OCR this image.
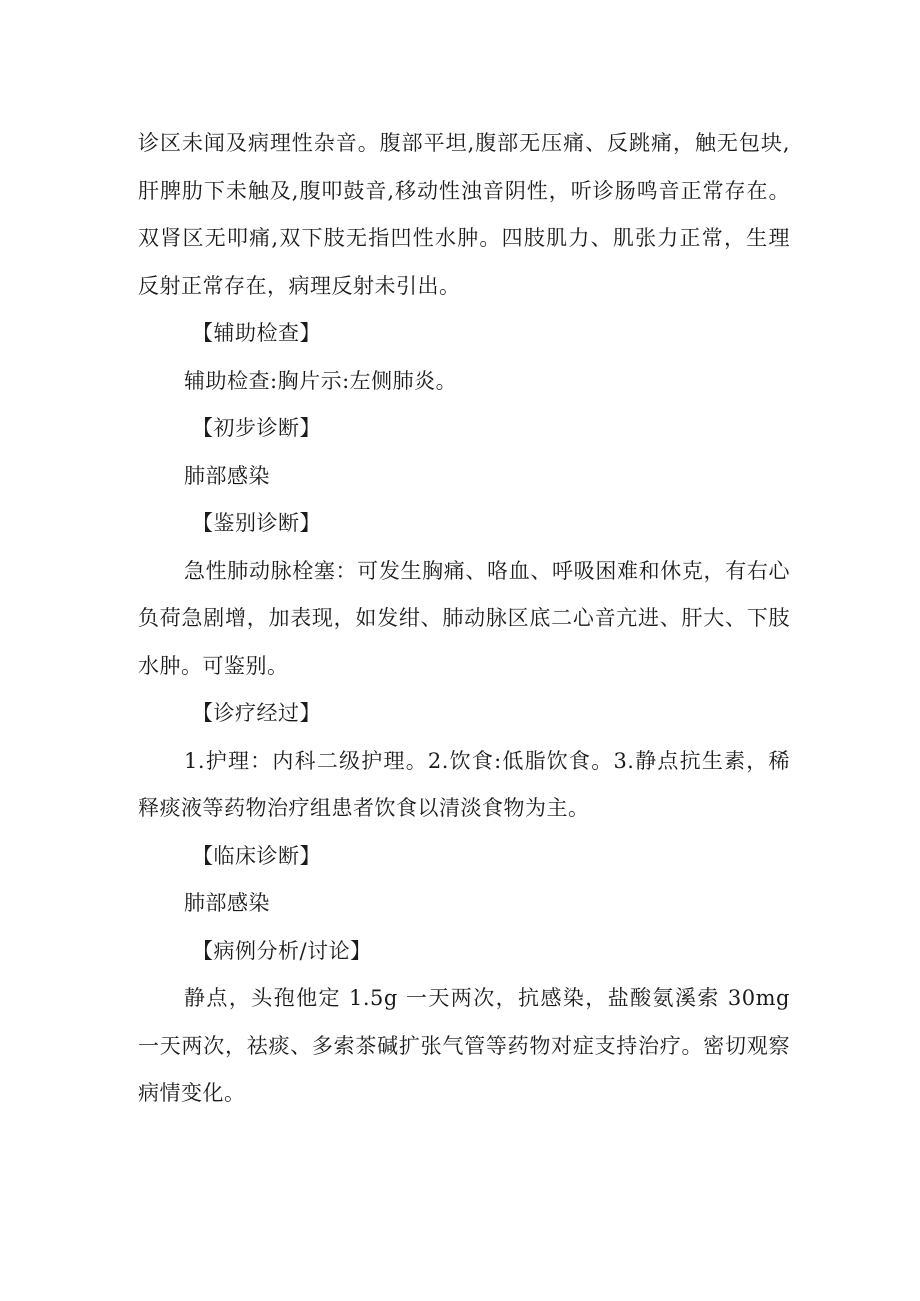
诊区未闻及病理性杂音。腹部平坦,腹部无压痛、反跳痛，触无包块,肝脾肋下未触及,腹叩鼓音,移动性浊音阴性，听诊肠鸣音正常存在。双肾区无叩痛,双下肢无指凹性水肿。四肢肌力、肌张力正常，生理反射正常存在，病理反射未引出。

【辅助检查】

辅助检查:胸片示:左侧肺炎。

【初步诊断】

肺部感染

【鉴别诊断】

急性肺动脉栓塞：可发生胸痛、咯血、呼吸困难和休克，有右心负荷急剧增，加表现，如发绀、肺动脉区底二心音亢进、肝大、下肢水肿。可鉴别。

【诊疗经过】

1.护理：内科二级护理。2.饮食:低脂饮食。3.静点抗生素，稀释痰液等药物治疗组患者饮食以清淡食物为主。

【临床诊断】

肺部感染

【病例分析/讨论】

静点，头孢他定 1.5g 一天两次，抗感染，盐酸氨溪索 30mg 一天两次，祛痰、多索茶碱扩张气管等药物对症支持治疗。密切观察病情变化。
